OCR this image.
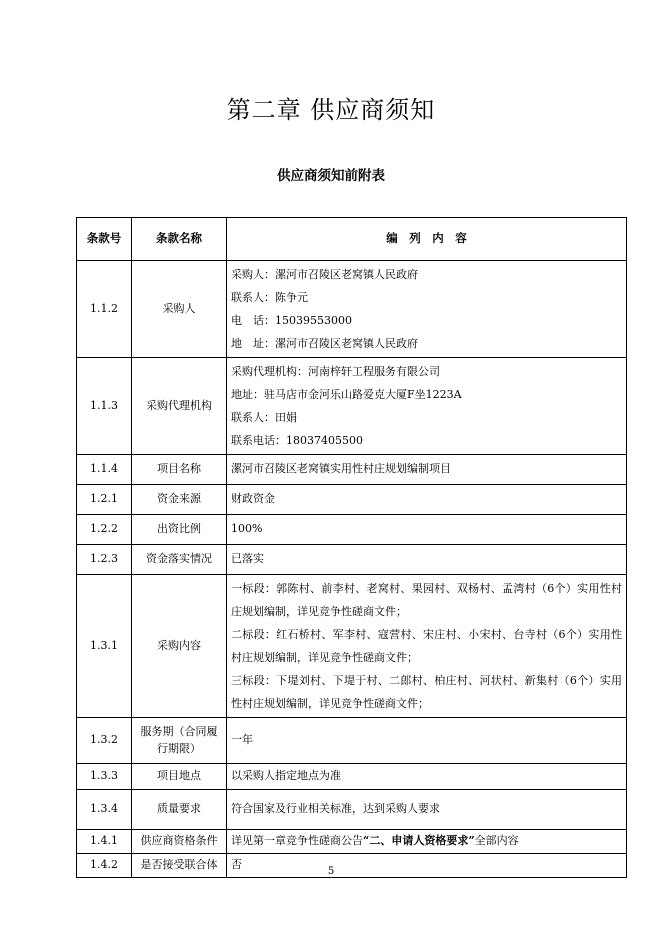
第二章 供应商须知
供应商须知前附表
条款号	条款名称	编　列　内　容
1.1.2	采购人	采购人：漯河市召陵区老窝镇人民政府
联系人：陈争元
电　话：15039553000
地　址：漯河市召陵区老窝镇人民政府

1.1.3	采购代理机构	采购代理机构：河南梓轩工程服务有限公司
地址：驻马店市金河乐山路爱克大厦F坐1223A
联系人：田娟
联系电话：18037405500

1.1.4	项目名称	漯河市召陵区老窝镇实用性村庄规划编制项目
1.2.1	资金来源	财政资金
1.2.2	出资比例	100%
1.2.3	资金落实情况	已落实
1.3.1	采购内容	一标段：郭陈村、前李村、老窝村、果园村、双杨村、孟湾村（6个）实用性村庄规划编制，详见竞争性磋商文件；
二标段：红石桥村、军李村、寇营村、宋庄村、小宋村、台寺村（6个）实用性村庄规划编制，详见竞争性磋商文件；
三标段：下堤刘村、下堤于村、二郎村、柏庄村、河状村、新集村（6个）实用性村庄规划编制，详见竞争性磋商文件；

1.3.2	服务期（合同履行期限）	一年
1.3.3	项目地点	以采购人指定地点为准
1.3.4	质量要求	符合国家及行业相关标准，达到采购人要求
1.4.1	供应商资格条件	详见第一章竞争性磋商公告“二、申请人资格要求”全部内容
1.4.2	是否接受联合体	否
5
